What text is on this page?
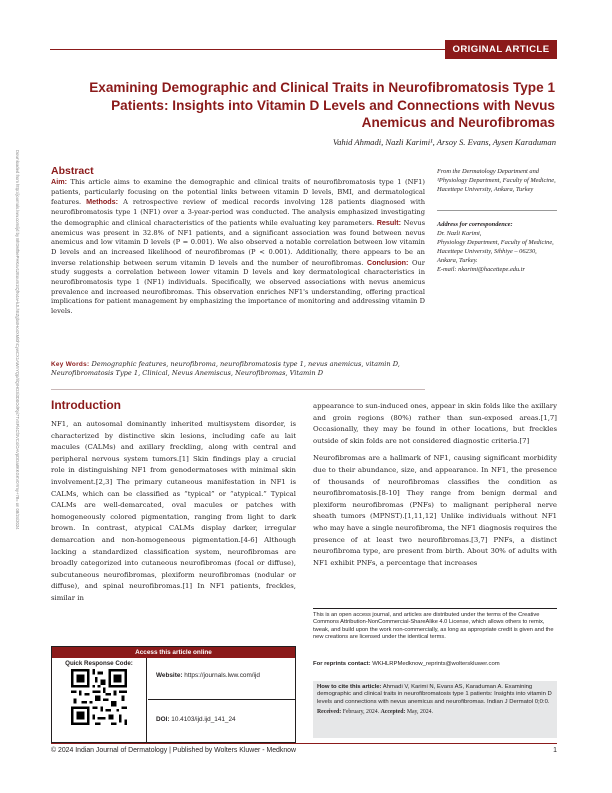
Downloaded from http://journals.lww.com/ijd by BhDMf5ePHKav1zEoum1tQfN4a+kJLhEZgbsIHo4XMi0hCywCX1AWnYQp/IlQrHD3i3D0OdRyi7TvSFl4Cf3VC4/OAVpDDa8KKGKV0Ymy+78= on 08/24/2024
ORIGINAL ARTICLE
Examining Demographic and Clinical Traits in Neurofibromatosis Type 1 Patients: Insights into Vitamin D Levels and Connections with Nevus Anemicus and Neurofibromas
Vahid Ahmadi, Nazli Karimi¹, Arsoy S. Evans, Aysen Karaduman
Abstract
Aim: This article aims to examine the demographic and clinical traits of neurofibromatosis type 1 (NF1) patients, particularly focusing on the potential links between vitamin D levels, BMI, and dermatological features. Methods: A retrospective review of medical records involving 128 patients diagnosed with neurofibromatosis type 1 (NF1) over a 3-year-period was conducted. The analysis emphasized investigating the demographic and clinical characteristics of the patients while evaluating key parameters. Result: Nevus anemicus was present in 32.8% of NF1 patients, and a significant association was found between nevus anemicus and low vitamin D levels (P = 0.001). We also observed a notable correlation between low vitamin D levels and an increased likelihood of neurofibromas (P < 0.001). Additionally, there appears to be an inverse relationship between serum vitamin D levels and the number of neurofibromas. Conclusion: Our study suggests a correlation between lower vitamin D levels and key dermatological characteristics in neurofibromatosis type 1 (NF1) individuals. Specifically, we observed associations with nevus anemicus prevalence and increased neurofibromas. This observation enriches NF1's understanding, offering practical implications for patient management by emphasizing the importance of monitoring and addressing vitamin D levels.
Key Words: Demographic features, neurofibroma, neurofibromatosis type 1, nevus anemicus, vitamin D, Neurofibromatosis Type 1, Clinical, Nevus Anemiscus, Neurofibromas, Vitamin D
From the Dermatology Department and ¹Physiology Department, Faculty of Medicine, Hacettepe University, Ankara, Turkey
Address for correspondence:
Dr. Nazli Karimi,
Physiology Department, Faculty of Medicine, Hacettepe University, Sihhiye – 06230, Ankara, Turkey.
E-mail: nkarimi@hacettepe.edu.tr
Introduction

NF1, an autosomal dominantly inherited multisystem disorder, is characterized by distinctive skin lesions, including cafe au lait macules (CALMs) and axillary freckling, along with central and peripheral nervous system tumors.[1] Skin findings play a crucial role in distinguishing NF1 from genodermatoses with minimal skin involvement.[2,3] The primary cutaneous manifestation in NF1 is CALMs, which can be classified as “typical” or “atypical.” Typical CALMs are well-demarcated, oval macules or patches with homogeneously colored pigmentation, ranging from light to dark brown. In contrast, atypical CALMs display darker, irregular demarcation and non-homogeneous pigmentation.[4-6] Although lacking a standardized classification system, neurofibromas are broadly categorized into cutaneous neurofibromas (focal or diffuse), subcutaneous neurofibromas, plexiform neurofibromas (nodular or diffuse), and spinal neurofibromas.[1] In NF1 patients, freckles, similar in

appearance to sun-induced ones, appear in skin folds like the axillary and groin regions (80%) rather than sun-exposed areas.[1,7] Occasionally, they may be found in other locations, but freckles outside of skin folds are not considered diagnostic criteria.[7]

Neurofibromas are a hallmark of NF1, causing significant morbidity due to their abundance, size, and appearance. In NF1, the presence of thousands of neurofibromas classifies the condition as neurofibromatosis.[8-10] They range from benign dermal and plexiform neurofibromas (PNFs) to malignant peripheral nerve sheath tumors (MPNST).[1,11,12] Unlike individuals without NF1 who may have a single neurofibroma, the NF1 diagnosis requires the presence of at least two neurofibromas.[3,7] PNFs, a distinct neurofibroma type, are present from birth. About 30% of adults with NF1 exhibit PNFs, a percentage that increases

Access this article online
Quick Response Code:
Website: https://journals.lww.com/ijd
DOI: 10.4103/ijd.ijd_141_24
This is an open access journal, and articles are distributed under the terms of the Creative Commons Attribution-NonCommercial-ShareAlike 4.0 License, which allows others to remix, tweak, and build upon the work non-commercially, as long as appropriate credit is given and the new creations are licensed under the identical terms.
For reprints contact: WKHLRPMedknow_reprints@wolterskluwer.com
How to cite this article: Ahmadi V, Karimi N, Evans AS, Karaduman A. Examining demographic and clinical traits in neurofibromatosis type 1 patients: Insights into vitamin D levels and connections with nevus anemicus and neurofibromas. Indian J Dermatol 0;0:0.
Received: February, 2024. Accepted: May, 2024.
© 2024 Indian Journal of Dermatology | Published by Wolters Kluwer - Medknow	1
